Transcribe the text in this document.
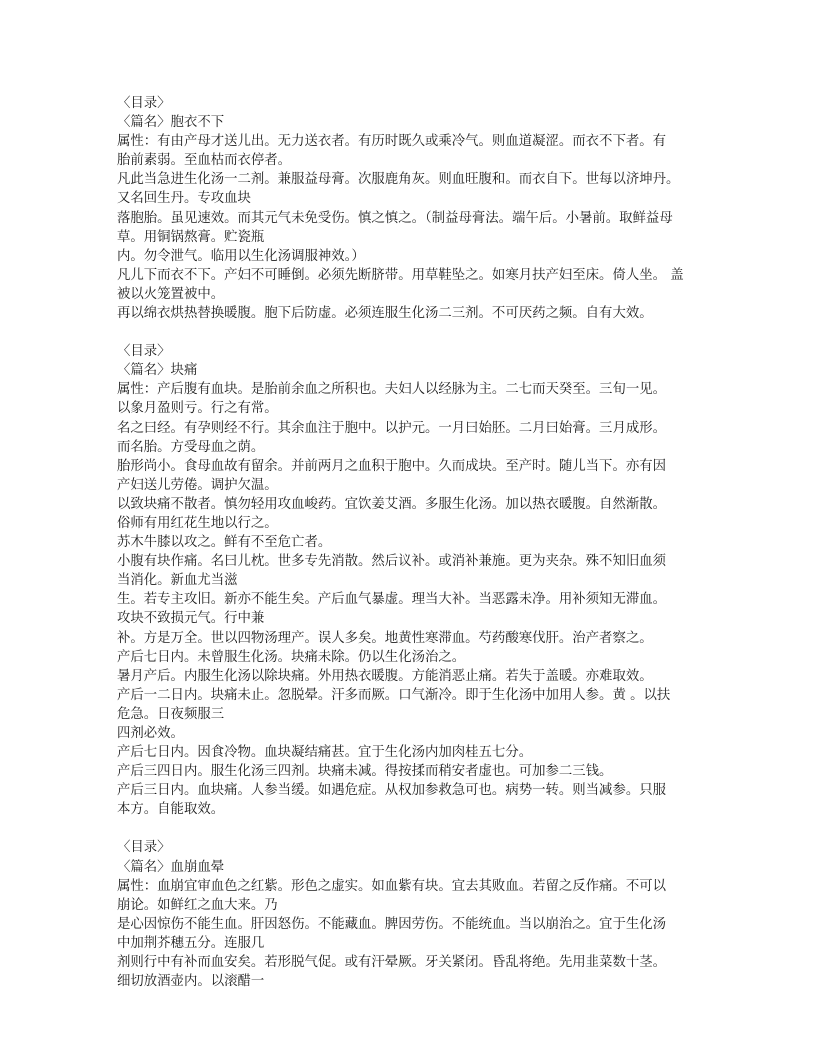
〈目录〉
〈篇名〉胞衣不下
属性：有由产母才送儿出。无力送衣者。有历时既久或乘冷气。则血道凝涩。而衣不下者。有
胎前素弱。至血枯而衣停者。
凡此当急进生化汤一二剂。兼服益母膏。次服鹿角灰。则血旺腹和。而衣自下。世每以济坤丹。
又名回生丹。专攻血块
落胞胎。虽见速效。而其元气未免受伤。慎之慎之。（制益母膏法。端午后。小暑前。取鲜益母
草。用铜锅熬膏。贮瓷瓶
内。勿令泄气。临用以生化汤调服神效。）
凡儿下而衣不下。产妇不可睡倒。必须先断脐带。用草鞋坠之。如寒月扶产妇至床。倚人坐。 盖
被以火笼置被中。
再以绵衣烘热替换暖腹。胞下后防虚。必须连服生化汤二三剂。不可厌药之频。自有大效。
〈目录〉
〈篇名〉块痛
属性：产后腹有血块。是胎前余血之所积也。夫妇人以经脉为主。二七而天癸至。三旬一见。
以象月盈则亏。行之有常。
名之曰经。有孕则经不行。其余血注于胞中。以护元。一月曰始胚。二月曰始膏。三月成形。
而名胎。方受母血之荫。
胎形尚小。食母血故有留余。并前两月之血积于胞中。久而成块。至产时。随儿当下。亦有因
产妇送儿劳倦。调护欠温。
以致块痛不散者。慎勿轻用攻血峻药。宜饮姜艾酒。多服生化汤。加以热衣暖腹。自然渐散。
俗师有用红花生地以行之。
苏木牛膝以攻之。鲜有不至危亡者。
小腹有块作痛。名曰儿枕。世多专先消散。然后议补。或消补兼施。更为夹杂。殊不知旧血须
当消化。新血尤当滋
生。若专主攻旧。新亦不能生矣。产后血气暴虚。理当大补。当恶露未净。用补须知无滞血。
攻块不致损元气。行中兼
补。方是万全。世以四物汤理产。误人多矣。地黄性寒滞血。芍药酸寒伐肝。治产者察之。
产后七日内。未曾服生化汤。块痛未除。仍以生化汤治之。
暑月产后。内服生化汤以除块痛。外用热衣暖腹。方能消恶止痛。若失于盖暖。亦难取效。
产后一二日内。块痛未止。忽脱晕。汗多而厥。口气渐冷。即于生化汤中加用人参。黄 。以扶
危急。日夜频服三
四剂必效。
产后七日内。因食冷物。血块凝结痛甚。宜于生化汤内加肉桂五七分。
产后三四日内。服生化汤三四剂。块痛未减。得按揉而稍安者虚也。可加参二三钱。
产后三日内。血块痛。人参当缓。如遇危症。从权加参救急可也。病势一转。则当减参。只服
本方。自能取效。
〈目录〉
〈篇名〉血崩血晕
属性：血崩宜审血色之红紫。形色之虚实。如血紫有块。宜去其败血。若留之反作痛。不可以
崩论。如鲜红之血大来。乃
是心因惊伤不能生血。肝因怒伤。不能藏血。脾因劳伤。不能统血。当以崩治之。宜于生化汤
中加荆芥穗五分。连服几
剂则行中有补而血安矣。若形脱气促。或有汗晕厥。牙关紧闭。昏乱将绝。先用韭菜数十茎。
细切放酒壶内。以滚醋一
